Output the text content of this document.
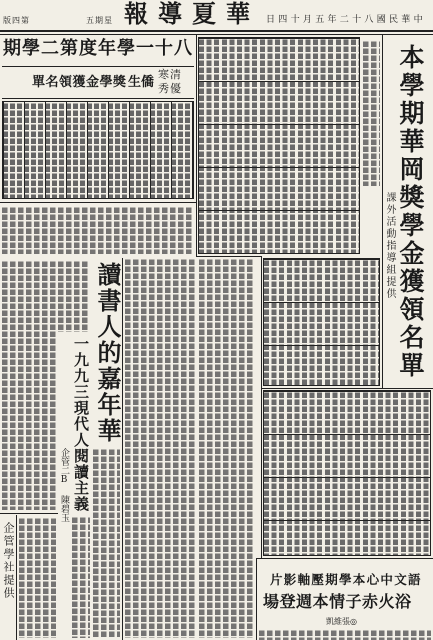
第四版	星期五 華夏導報 中華民國八十二年五月十四日
八十一學年度第二學期
清寒
優秀
僑生
獎學金獲領名單	本學期華岡獎學金獲領名單
課外活動指導組提供
企管學社提供
企管二B 陳碧玉 一九九三現代人閱讀主義 讀書人的嘉年華
語文中心本學期壓軸影片
浴火赤子情本週登場
◎張維凱
